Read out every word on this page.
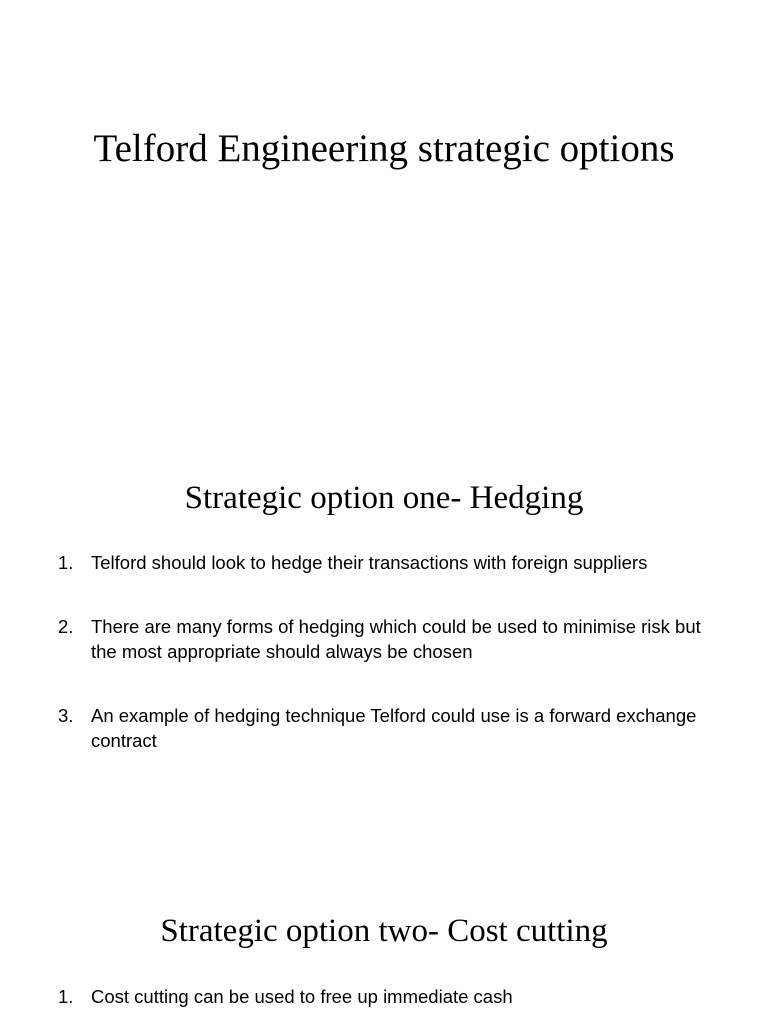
Telford Engineering strategic options
Strategic option one- Hedging
1. Telford should look to hedge their transactions with foreign suppliers
2. There are many forms of hedging which could be used to minimise risk but the most appropriate should always be chosen
3. An example of hedging technique Telford could use is a forward exchange contract
Strategic option two- Cost cutting
1. Cost cutting can be used to free up immediate cash
